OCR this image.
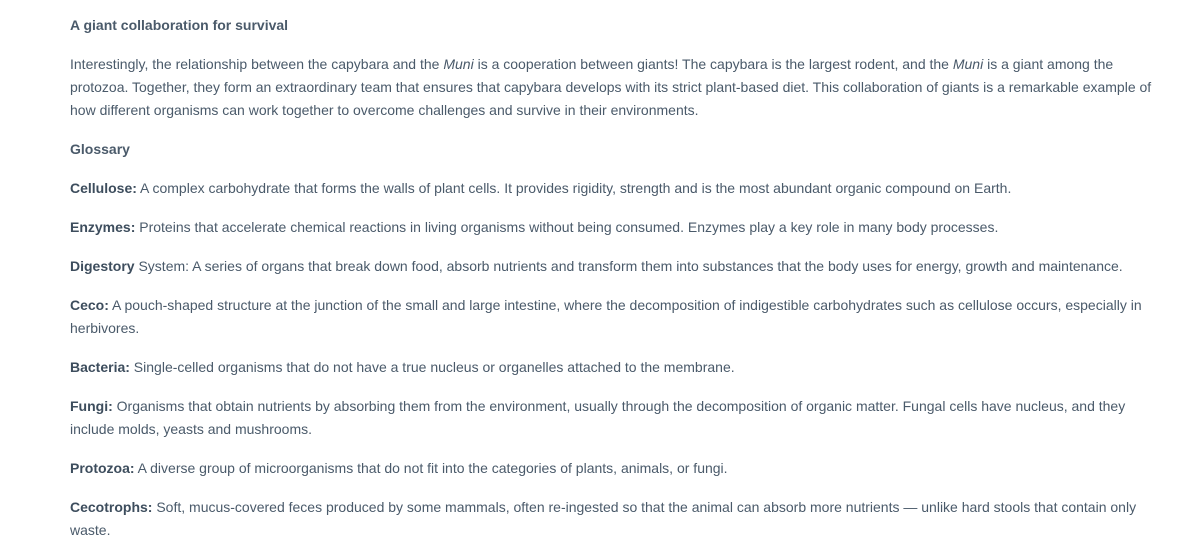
A giant collaboration for survival

Interestingly, the relationship between the capybara and the Muni is a cooperation between giants! The capybara is the largest rodent, and the Muni is a giant among the protozoa. Together, they form an extraordinary team that ensures that capybara develops with its strict plant-based diet. This collaboration of giants is a remarkable example of how different organisms can work together to overcome challenges and survive in their environments.

Glossary

Cellulose: A complex carbohydrate that forms the walls of plant cells. It provides rigidity, strength and is the most abundant organic compound on Earth.

Enzymes: Proteins that accelerate chemical reactions in living organisms without being consumed. Enzymes play a key role in many body processes.

Digestory System: A series of organs that break down food, absorb nutrients and transform them into substances that the body uses for energy, growth and maintenance.

Ceco: A pouch-shaped structure at the junction of the small and large intestine, where the decomposition of indigestible carbohydrates such as cellulose occurs, especially in herbivores.

Bacteria: Single-celled organisms that do not have a true nucleus or organelles attached to the membrane.

Fungi: Organisms that obtain nutrients by absorbing them from the environment, usually through the decomposition of organic matter. Fungal cells have nucleus, and they include molds, yeasts and mushrooms.

Protozoa: A diverse group of microorganisms that do not fit into the categories of plants, animals, or fungi.

Cecotrophs: Soft, mucus-covered feces produced by some mammals, often re-ingested so that the animal can absorb more nutrients — unlike hard stools that contain only waste.
